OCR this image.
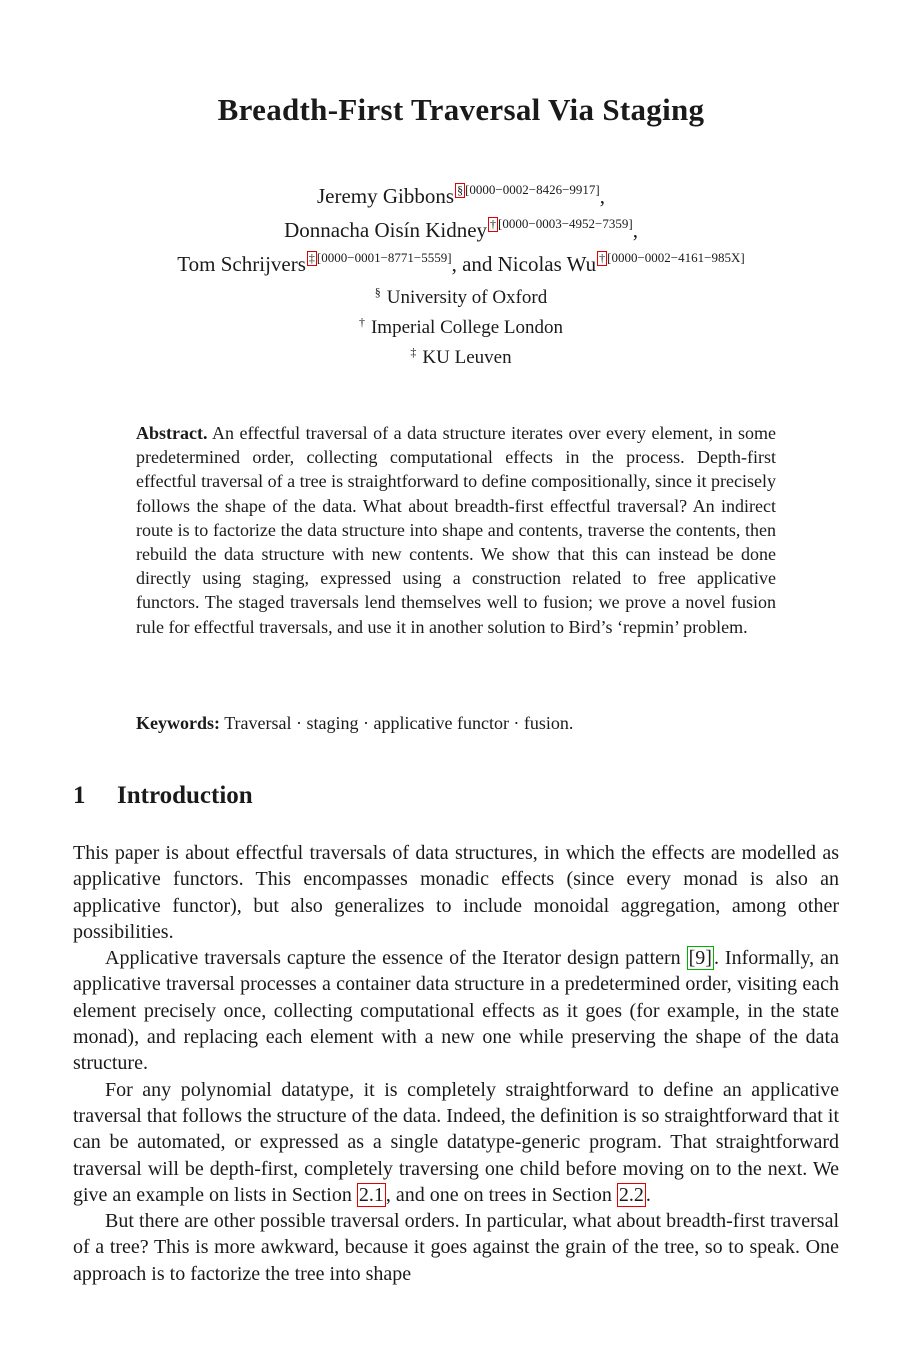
Breadth-First Traversal Via Staging
Jeremy Gibbons § [0000−0002−8426−9917],
Donnacha Oisín Kidney † [0000−0003−4952−7359],
Tom Schrijvers ‡ [0000−0001−8771−5559], and Nicolas Wu † [0000−0002−4161−985X]
§ University of Oxford
† Imperial College London
‡ KU Leuven
Abstract. An effectful traversal of a data structure iterates over every element, in some predetermined order, collecting computational effects in the process. Depth-first effectful traversal of a tree is straightforward to define compositionally, since it precisely follows the shape of the data. What about breadth-first effectful traversal? An indirect route is to factorize the data structure into shape and contents, traverse the contents, then rebuild the data structure with new contents. We show that this can instead be done directly using staging, expressed using a construction related to free applicative functors. The staged traversals lend themselves well to fusion; we prove a novel fusion rule for effectful traversals, and use it in another solution to Bird’s ‘repmin’ problem.
Keywords: Traversal · staging · applicative functor · fusion.
1 Introduction

This paper is about effectful traversals of data structures, in which the effects are modelled as applicative functors. This encompasses monadic effects (since every monad is also an applicative functor), but also generalizes to include monoidal aggregation, among other possibilities.

Applicative traversals capture the essence of the Iterator design pattern [9] . Informally, an applicative traversal processes a container data structure in a predetermined order, visiting each element precisely once, collecting computational effects as it goes (for example, in the state monad), and replacing each element with a new one while preserving the shape of the data structure.

For any polynomial datatype, it is completely straightforward to define an applicative traversal that follows the structure of the data. Indeed, the definition is so straightforward that it can be automated, or expressed as a single datatype-generic program. That straightforward traversal will be depth-first, completely traversing one child before moving on to the next. We give an example on lists in Section 2.1 , and one on trees in Section 2.2 .

But there are other possible traversal orders. In particular, what about breadth-first traversal of a tree? This is more awkward, because it goes against the grain of the tree, so to speak. One approach is to factorize the tree into shape
